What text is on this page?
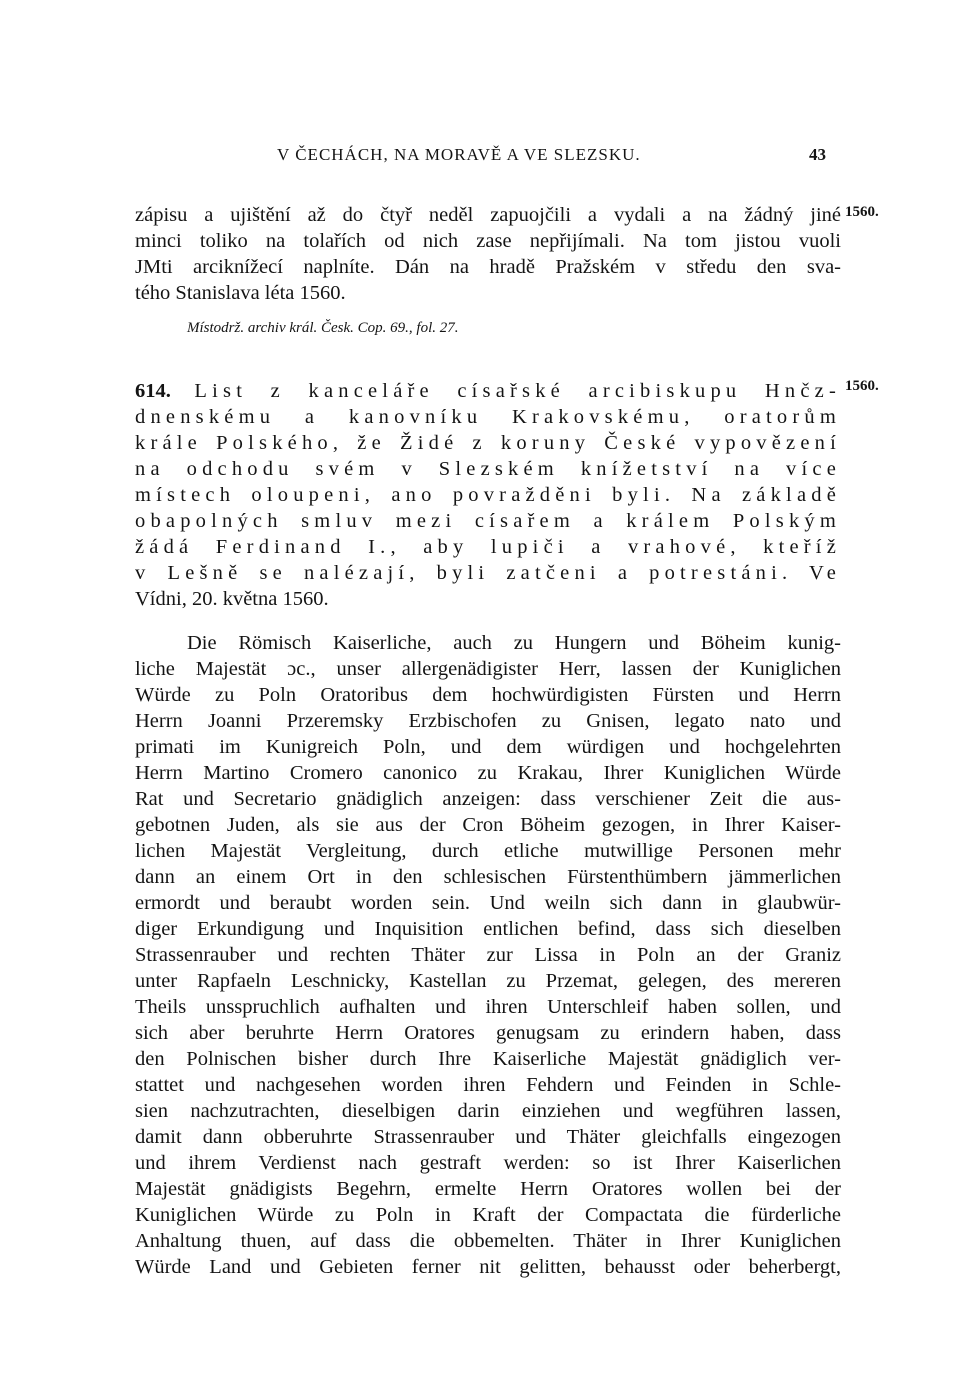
V ČECHÁCH, NA MORAVĚ A VE SLEZSKU.	43
zápisu a ujištění až do čtyř neděl zapuojčili a vydali a na žádný jiné
minci toliko na tolařích od nich zase nepřijímali. Na tom jistou vuoli
JMti arciknížecí naplníte. Dán na hradě Pražském v středu den sva-
tého Stanislava léta 1560.
1560.
Místodrž. archiv král. Česk. Cop. 69., fol. 27.
614. List z kanceláře císařské arcibiskupu Hnčz-
dnenskému a kanovníku Krakovskému, oratorům
krále Polského, že Židé z koruny České vypovězení
na odchodu svém v Slezském knížetství na více
místech oloupeni, ano povražděni byli. Na základě
obapolných smluv mezi císařem a králem Polským
žádá Ferdinand I., aby lupiči a vrahové, kteříž
v Lešně se nalézají, byli zatčeni a potrestáni. Ve
Vídni, 20. května 1560.
1560.
Die Römisch Kaiserliche, auch zu Hungern und Böheim kunig-
liche Majestät ɔc., unser allergenädigister Herr, lassen der Kuniglichen
Würde zu Poln Oratoribus dem hochwürdigisten Fürsten und Herrn
Herrn Joanni Przeremsky Erzbischofen zu Gnisen, legato nato und
primati im Kunigreich Poln, und dem würdigen und hochgelehrten
Herrn Martino Cromero canonico zu Krakau, Ihrer Kuniglichen Würde
Rat und Secretario gnädiglich anzeigen: dass verschiener Zeit die aus-
gebotnen Juden, als sie aus der Cron Böheim gezogen, in Ihrer Kaiser-
lichen Majestät Vergleitung, durch etliche mutwillige Personen mehr
dann an einem Ort in den schlesischen Fürstenthümbern jämmerlichen
ermordt und beraubt worden sein. Und weiln sich dann in glaubwür-
diger Erkundigung und Inquisition entlichen befind, dass sich dieselben
Strassenrauber und rechten Thäter zur Lissa in Poln an der Graniz
unter Rapfaeln Leschnicky, Kastellan zu Przemat, gelegen, des mereren
Theils unsspruchlich aufhalten und ihren Unterschleif haben sollen, und
sich aber beruhrte Herrn Oratores genugsam zu erindern haben, dass
den Polnischen bisher durch Ihre Kaiserliche Majestät gnädiglich ver-
stattet und nachgesehen worden ihren Fehdern und Feinden in Schle-
sien nachzutrachten, dieselbigen darin einziehen und wegführen lassen,
damit dann obberuhrte Strassenrauber und Thäter gleichfalls eingezogen
und ihrem Verdienst nach gestraft werden: so ist Ihrer Kaiserlichen
Majestät gnädigists Begehrn, ermelte Herrn Oratores wollen bei der
Kuniglichen Würde zu Poln in Kraft der Compactata die fürderliche
Anhaltung thuen, auf dass die obbemelten. Thäter in Ihrer Kuniglichen
Würde Land und Gebieten ferner nit gelitten, behausst oder beherbergt,
